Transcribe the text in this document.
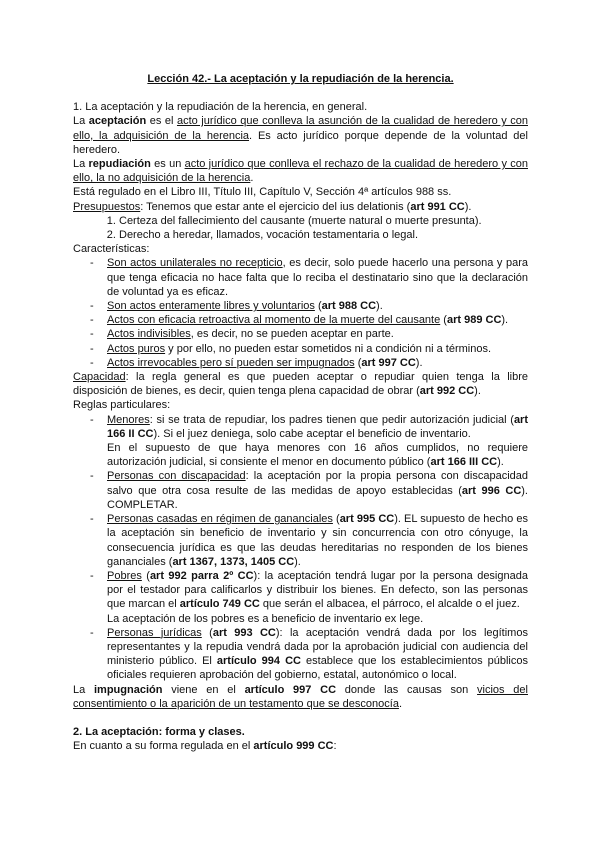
Lección 42.- La aceptación y la repudiación de la herencia.

1. La aceptación y la repudiación de la herencia, en general.

La aceptación es el acto jurídico que conlleva la asunción de la cualidad de heredero y con ello, la adquisición de la herencia. Es acto jurídico porque depende de la voluntad del heredero.

La repudiación es un acto jurídico que conlleva el rechazo de la cualidad de heredero y con ello, la no adquisición de la herencia.

Está regulado en el Libro III, Título III, Capítulo V, Sección 4ª artículos 988 ss.

Presupuestos: Tenemos que estar ante el ejercicio del ius delationis (art 991 CC).

1. Certeza del fallecimiento del causante (muerte natural o muerte presunta).
2. Derecho a heredar, llamados, vocación testamentaria o legal.

Características:

- Son actos unilaterales no recepticio, es decir, solo puede hacerlo una persona y para que tenga eficacia no hace falta que lo reciba el destinatario sino que la declaración de voluntad ya es eficaz.
- Son actos enteramente libres y voluntarios (art 988 CC).
- Actos con eficacia retroactiva al momento de la muerte del causante (art 989 CC).
- Actos indivisibles, es decir, no se pueden aceptar en parte.
- Actos puros y por ello, no pueden estar sometidos ni a condición ni a términos.
- Actos irrevocables pero sí pueden ser impugnados (art 997 CC).

Capacidad: la regla general es que pueden aceptar o repudiar quien tenga la libre disposición de bienes, es decir, quien tenga plena capacidad de obrar (art 992 CC).

Reglas particulares:

- Menores: si se trata de repudiar, los padres tienen que pedir autorización judicial (art 166 II CC). Si el juez deniega, solo cabe aceptar el beneficio de inventario.

En el supuesto de que haya menores con 16 años cumplidos, no requiere autorización judicial, si consiente el menor en documento público (art 166 III CC).

- Personas con discapacidad: la aceptación por la propia persona con discapacidad salvo que otra cosa resulte de las medidas de apoyo establecidas (art 996 CC). COMPLETAR.
- Personas casadas en régimen de gananciales (art 995 CC). EL supuesto de hecho es la aceptación sin beneficio de inventario y sin concurrencia con otro cónyuge, la consecuencia jurídica es que las deudas hereditarias no responden de los bienes gananciales (art 1367, 1373, 1405 CC).
- Pobres (art 992 parra 2º CC): la aceptación tendrá lugar por la persona designada por el testador para calificarlos y distribuir los bienes. En defecto, son las personas que marcan el artículo 749 CC que serán el albacea, el párroco, el alcalde o el juez.

La aceptación de los pobres es a beneficio de inventario ex lege.

- Personas jurídicas (art 993 CC): la aceptación vendrá dada por los legítimos representantes y la repudia vendrá dada por la aprobación judicial con audiencia del ministerio público. El artículo 994 CC establece que los establecimientos públicos oficiales requieren aprobación del gobierno, estatal, autonómico o local.

La impugnación viene en el artículo 997 CC donde las causas son vicios del consentimiento o la aparición de un testamento que se desconocía.

2. La aceptación: forma y clases.

En cuanto a su forma regulada en el artículo 999 CC:
